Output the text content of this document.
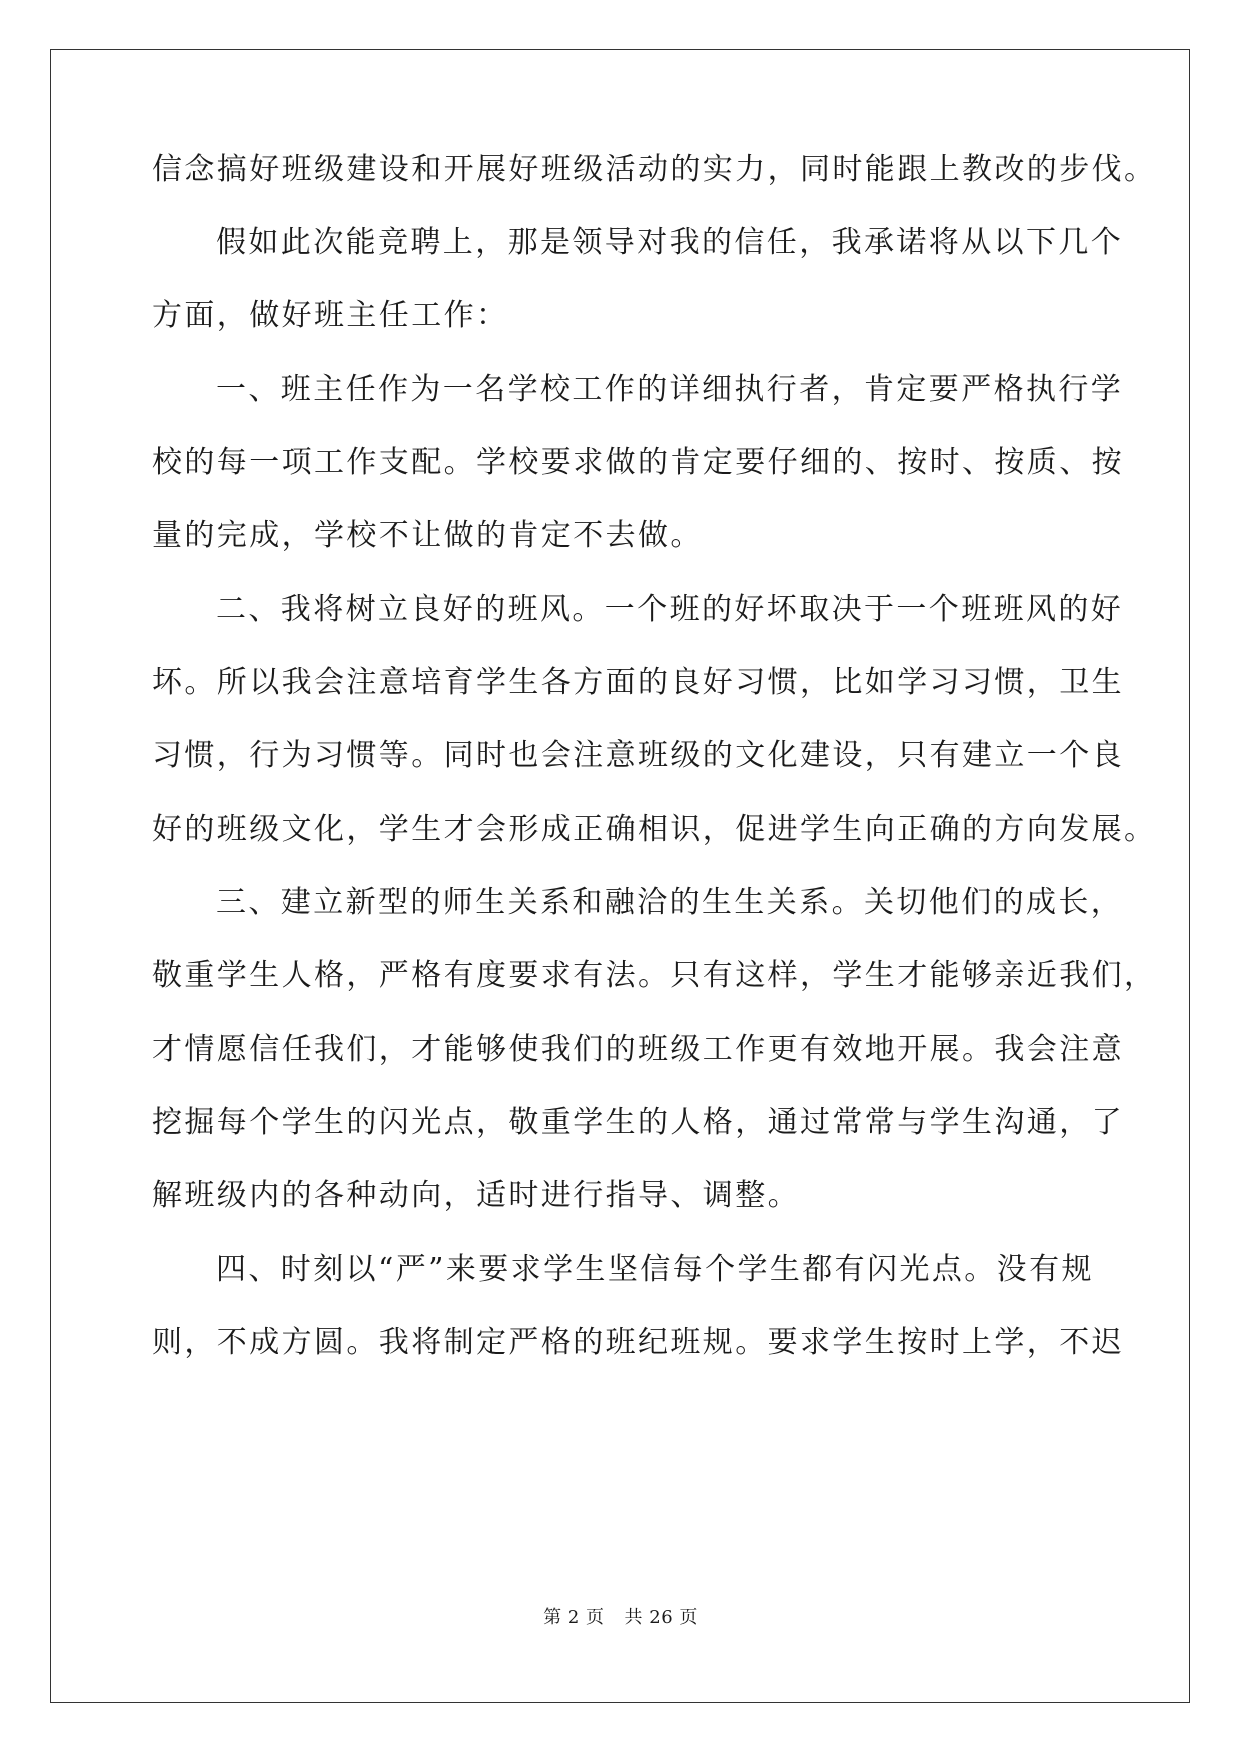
信念搞好班级建设和开展好班级活动的实力，同时能跟上教改的步伐。
假如此次能竞聘上，那是领导对我的信任，我承诺将从以下几个
方面，做好班主任工作：
一、班主任作为一名学校工作的详细执行者，肯定要严格执行学
校的每一项工作支配。学校要求做的肯定要仔细的、按时、按质、按
量的完成，学校不让做的肯定不去做。
二、我将树立良好的班风。一个班的好坏取决于一个班班风的好
坏。所以我会注意培育学生各方面的良好习惯，比如学习习惯，卫生
习惯，行为习惯等。同时也会注意班级的文化建设，只有建立一个良
好的班级文化，学生才会形成正确相识，促进学生向正确的方向发展。
三、建立新型的师生关系和融洽的生生关系。关切他们的成长，
敬重学生人格，严格有度要求有法。只有这样，学生才能够亲近我们，
才情愿信任我们，才能够使我们的班级工作更有效地开展。我会注意
挖掘每个学生的闪光点，敬重学生的人格，通过常常与学生沟通，了
解班级内的各种动向，适时进行指导、调整。
四、时刻以“严”来要求学生坚信每个学生都有闪光点。没有规
则，不成方圆。我将制定严格的班纪班规。要求学生按时上学，不迟
第 2 页 共 26 页
